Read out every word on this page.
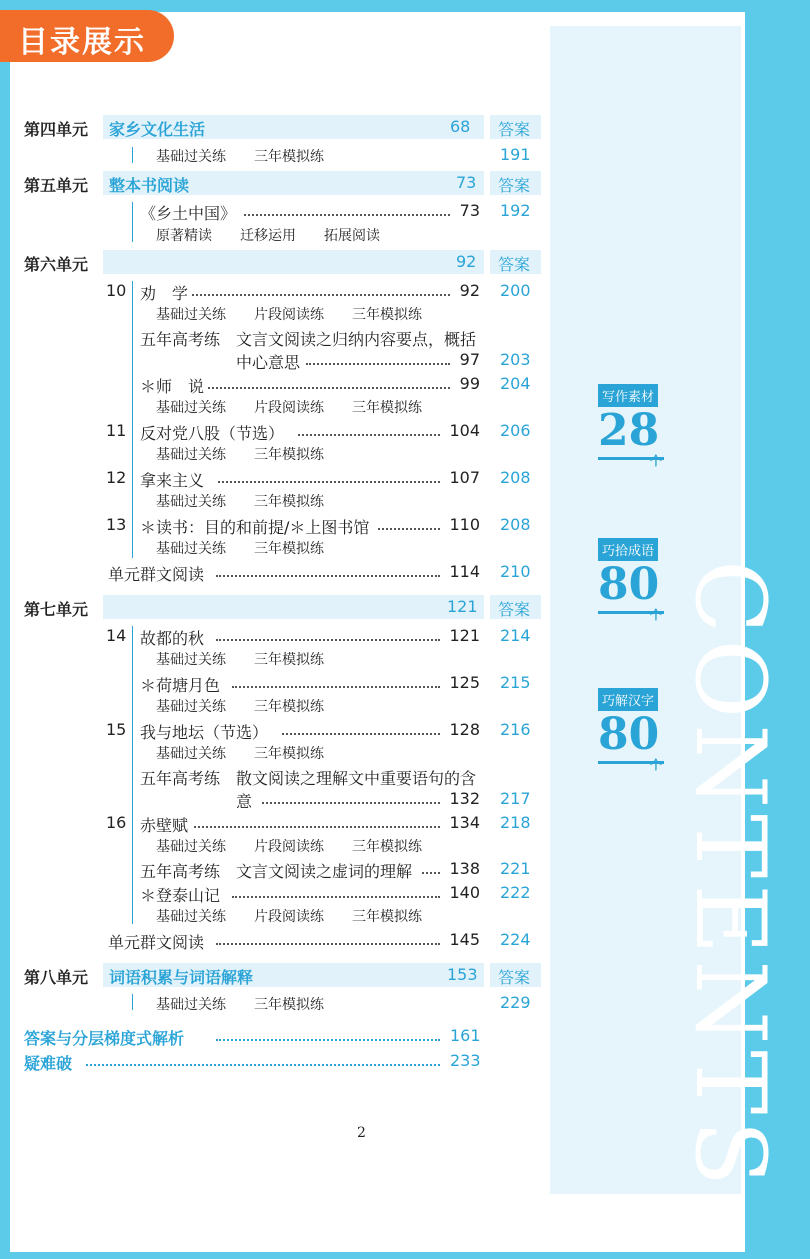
CONTENTS
目录展示
第四单元 家乡文化生活	68 答案
基础过关练　　三年模拟练	191
第五单元 整本书阅读	73 答案
《乡土中国》	73 192
原著精读　　迁移运用　　拓展阅读
第六单元	92 答案
10 劝　学	92 200
基础过关练　　片段阅读练　　三年模拟练
五年高考练 文言文阅读之归纳内容要点，概括
中心意思	97 203
＊师　说	99 204
基础过关练　　片段阅读练　　三年模拟练
11 反对党八股（节选）	104 206
基础过关练　　三年模拟练
12 拿来主义	107 208
基础过关练　　三年模拟练
13 ＊读书：目的和前提/＊上图书馆	110 208
基础过关练　　三年模拟练
单元群文阅读	114 210
第七单元	121 答案
14 故都的秋	121 214
基础过关练　　三年模拟练
＊荷塘月色	125 215
基础过关练　　三年模拟练
15 我与地坛（节选）	128 216
基础过关练　　三年模拟练
五年高考练 散文阅读之理解文中重要语句的含
意	132 217
16 赤壁赋	134 218
基础过关练　　片段阅读练　　三年模拟练
五年高考练 文言文阅读之虚词的理解	138 221
＊登泰山记	140 222
基础过关练　　片段阅读练　　三年模拟练
单元群文阅读	145 224
第八单元 词语积累与词语解释	153 答案
基础过关练　　三年模拟练	229
答案与分层梯度式解析	161
疑难破	233
2
写作素材
28
个
巧拾成语
80
个
巧解汉字
80
个
